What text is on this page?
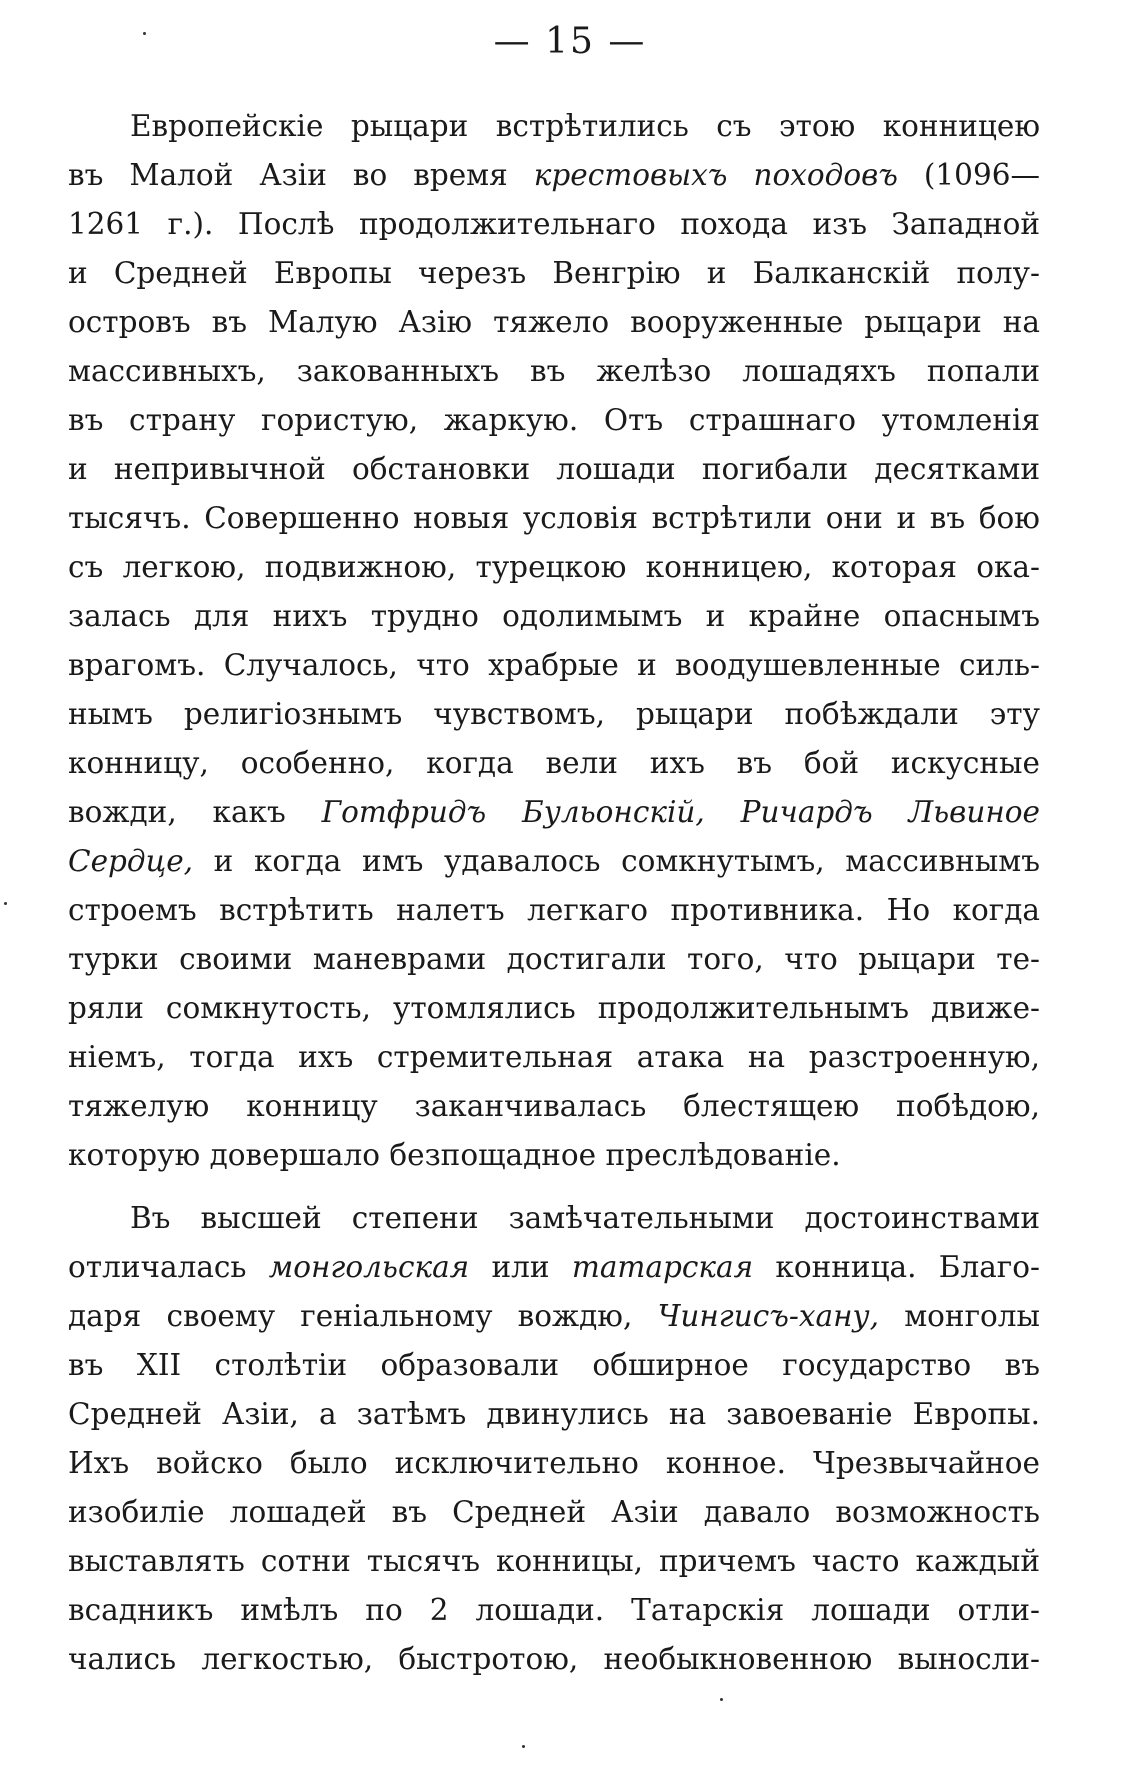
— 15 —
Европейскіе рыцари встрѣтились съ этою конницею
въ Малой Азіи во время крестовыхъ походовъ (1096—
1261 г.). Послѣ продолжительнаго похода изъ Западной
и Средней Европы черезъ Венгрію и Балканскій полу-
островъ въ Малую Азію тяжело вооруженные рыцари на
массивныхъ, закованныхъ въ желѣзо лошадяхъ попали
въ страну гористую, жаркую. Отъ страшнаго утомленія
и непривычной обстановки лошади погибали десятками
тысячъ. Совершенно новыя условія встрѣтили они и въ бою
съ легкою, подвижною, турецкою конницею, которая ока-
залась для нихъ трудно одолимымъ и крайне опаснымъ
врагомъ. Случалось, что храбрые и воодушевленные силь-
нымъ религіознымъ чувствомъ, рыцари побѣждали эту
конницу, особенно, когда вели ихъ въ бой искусные
вожди, какъ Готфридъ Бульонскій, Ричардъ Львиное
Сердце, и когда имъ удавалось сомкнутымъ, массивнымъ
строемъ встрѣтить налетъ легкаго противника. Но когда
турки своими маневрами достигали того, что рыцари те-
ряли сомкнутость, утомлялись продолжительнымъ движе-
ніемъ, тогда ихъ стремительная атака на разстроенную,
тяжелую конницу заканчивалась блестящею побѣдою,
которую довершало безпощадное преслѣдованіе.
Въ высшей степени замѣчательными достоинствами
отличалась монгольская или татарская конница. Благо-
даря своему геніальному вождю, Чингисъ-хану, монголы
въ XII столѣтіи образовали обширное государство въ
Средней Азіи, а затѣмъ двинулись на завоеваніе Европы.
Ихъ войско было исключительно конное. Чрезвычайное
изобиліе лошадей въ Средней Азіи давало возможность
выставлять сотни тысячъ конницы, причемъ часто каждый
всадникъ имѣлъ по 2 лошади. Татарскія лошади отли-
чались легкостью, быстротою, необыкновенною выносли-
